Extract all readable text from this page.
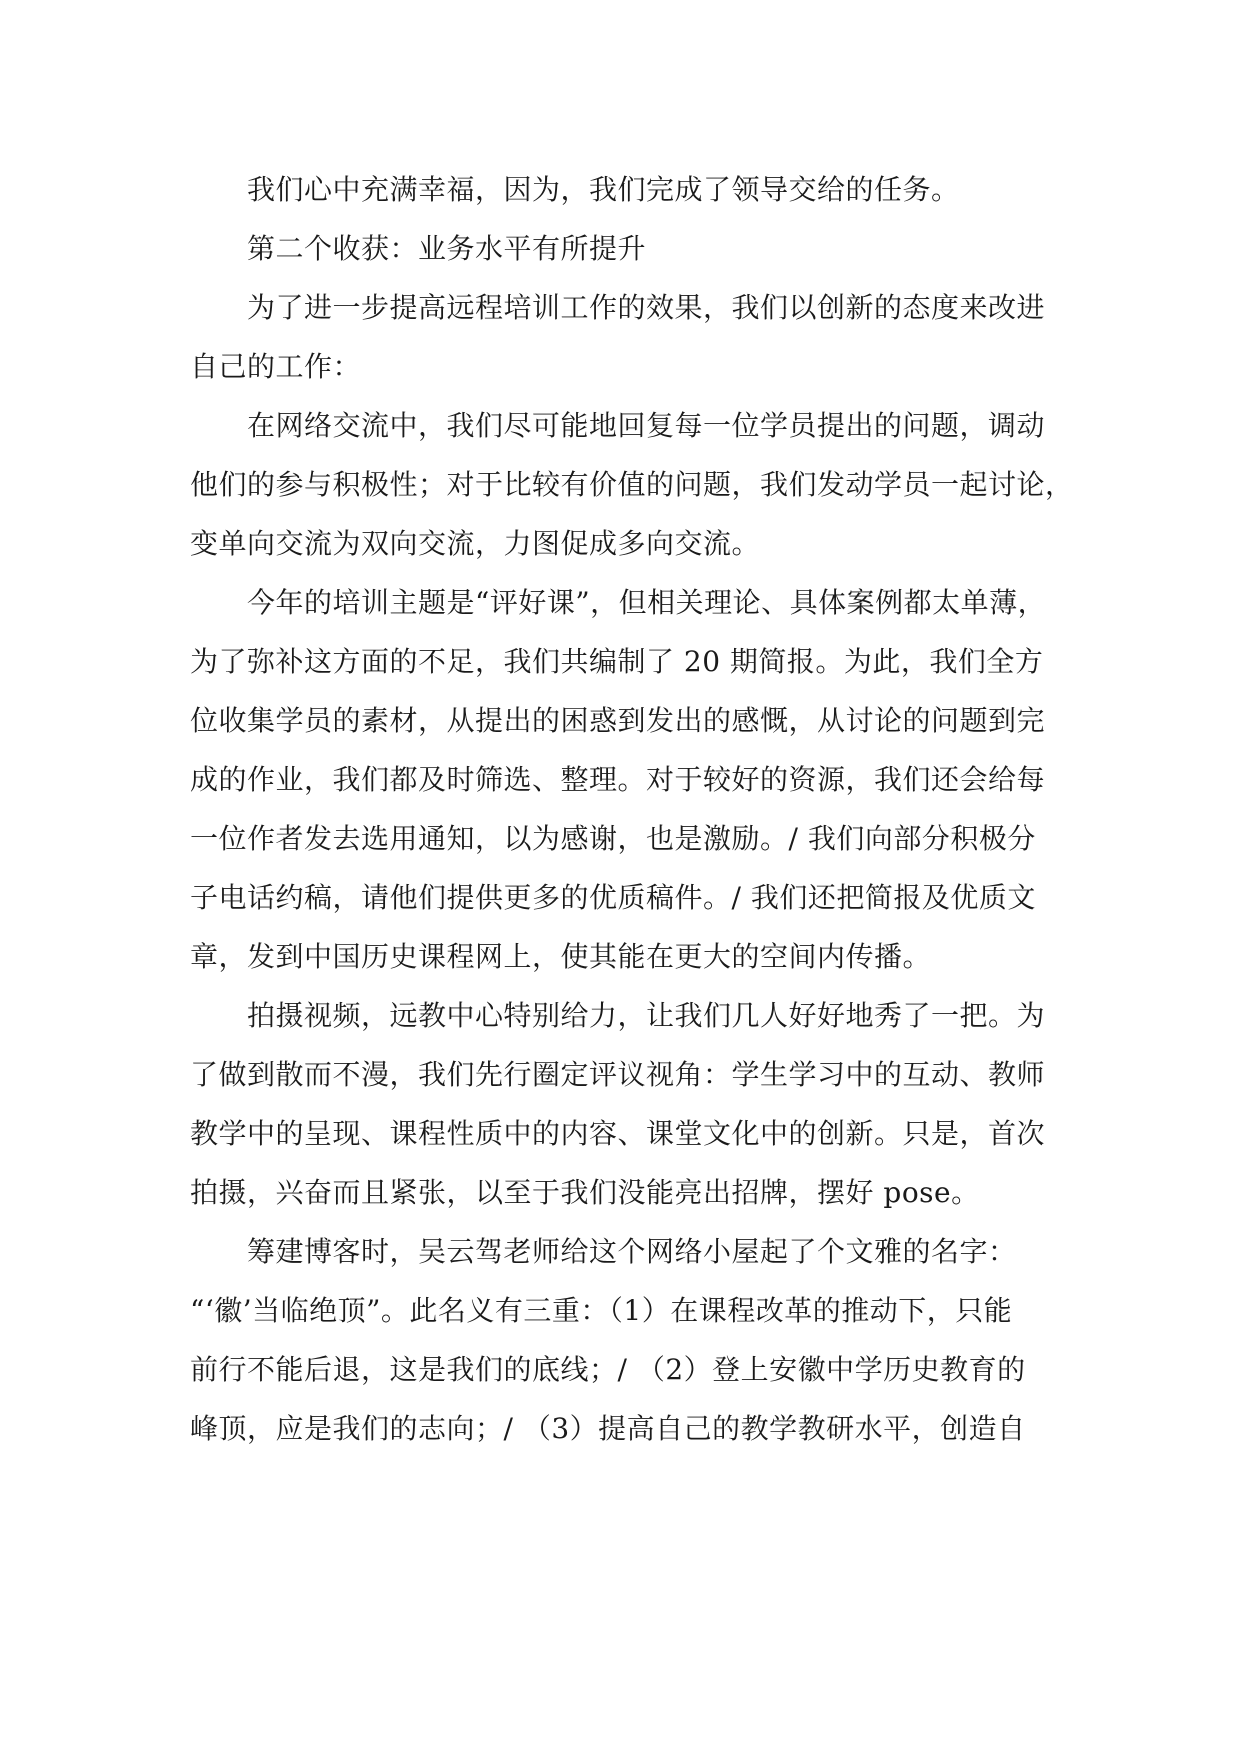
　　我们心中充满幸福，因为，我们完成了领导交给的任务。
　　第二个收获：业务水平有所提升
　　为了进一步提高远程培训工作的效果，我们以创新的态度来改进
自己的工作：
　　在网络交流中，我们尽可能地回复每一位学员提出的问题，调动
他们的参与积极性；对于比较有价值的问题，我们发动学员一起讨论，
变单向交流为双向交流，力图促成多向交流。
　　今年的培训主题是“评好课”，但相关理论、具体案例都太单薄，
为了弥补这方面的不足，我们共编制了 20 期简报。为此，我们全方
位收集学员的素材，从提出的困惑到发出的感慨，从讨论的问题到完
成的作业，我们都及时筛选、整理。对于较好的资源，我们还会给每
一位作者发去选用通知，以为感谢，也是激励。/ 我们向部分积极分
子电话约稿，请他们提供更多的优质稿件。/ 我们还把简报及优质文
章，发到中国历史课程网上，使其能在更大的空间内传播。
　　拍摄视频，远教中心特别给力，让我们几人好好地秀了一把。为
了做到散而不漫，我们先行圈定评议视角：学生学习中的互动、教师
教学中的呈现、课程性质中的内容、课堂文化中的创新。只是，首次
拍摄，兴奋而且紧张，以至于我们没能亮出招牌，摆好 pose。
　　筹建博客时，吴云驾老师给这个网络小屋起了个文雅的名字：
“‘徽’当临绝顶”。此名义有三重：（1）在课程改革的推动下，只能
前行不能后退，这是我们的底线；/ （2）登上安徽中学历史教育的
峰顶，应是我们的志向；/ （3）提高自己的教学教研水平，创造自
